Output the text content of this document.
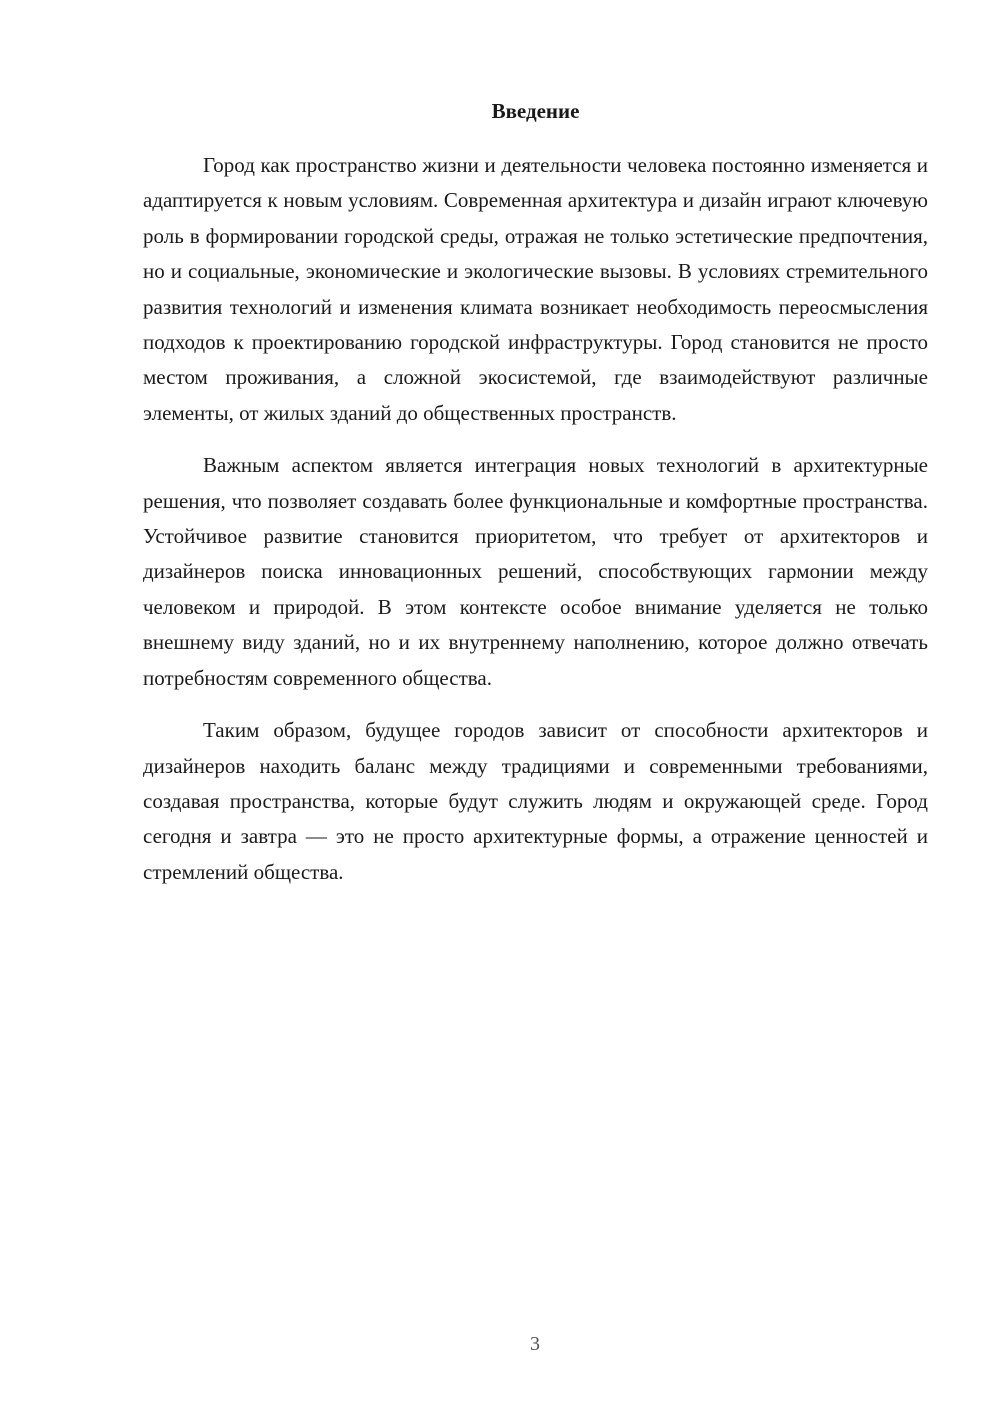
Введение

Город как пространство жизни и деятельности человека постоянно изменяется и адаптируется к новым условиям. Современная архитектура и дизайн играют ключевую роль в формировании городской среды, отражая не только эстетические предпочтения, но и социальные, экономические и экологические вызовы. В условиях стремительного развития технологий и изменения климата возникает необходимость переосмысления подходов к проектированию городской инфраструктуры. Город становится не просто местом проживания, а сложной экосистемой, где взаимодействуют различные элементы, от жилых зданий до общественных пространств.

Важным аспектом является интеграция новых технологий в архитектурные решения, что позволяет создавать более функциональные и комфортные пространства. Устойчивое развитие становится приоритетом, что требует от архитекторов и дизайнеров поиска инновационных решений, способствующих гармонии между человеком и природой. В этом контексте особое внимание уделяется не только внешнему виду зданий, но и их внутреннему наполнению, которое должно отвечать потребностям современного общества.

Таким образом, будущее городов зависит от способности архитекторов и дизайнеров находить баланс между традициями и современными требованиями, создавая пространства, которые будут служить людям и окружающей среде. Город сегодня и завтра — это не просто архитектурные формы, а отражение ценностей и стремлений общества.

3
